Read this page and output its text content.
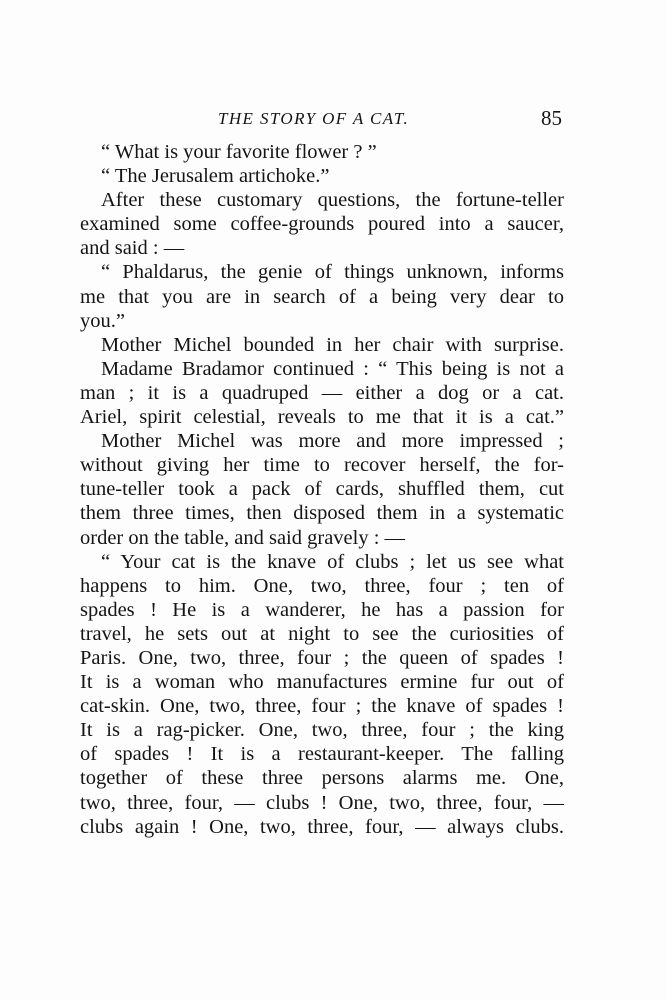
THE STORY OF A CAT.	85
“ What is your favorite flower ? ”
“ The Jerusalem artichoke.”
After these customary questions, the fortune-teller
examined some coffee-grounds poured into a saucer,
and said : —
“ Phaldarus, the genie of things unknown, informs
me that you are in search of a being very dear to
you.”
Mother Michel bounded in her chair with surprise.
Madame Bradamor continued : “ This being is not a
man ; it is a quadruped — either a dog or a cat.
Ariel, spirit celestial, reveals to me that it is a cat.”
Mother Michel was more and more impressed ;
without giving her time to recover herself, the for-
tune-teller took a pack of cards, shuffled them, cut
them three times, then disposed them in a systematic
order on the table, and said gravely : —
“ Your cat is the knave of clubs ; let us see what
happens to him. One, two, three, four ; ten of
spades ! He is a wanderer, he has a passion for
travel, he sets out at night to see the curiosities of
Paris. One, two, three, four ; the queen of spades !
It is a woman who manufactures ermine fur out of
cat-skin. One, two, three, four ; the knave of spades !
It is a rag-picker. One, two, three, four ; the king
of spades ! It is a restaurant-keeper. The falling
together of these three persons alarms me. One,
two, three, four, — clubs ! One, two, three, four, —
clubs again ! One, two, three, four, — always clubs.
